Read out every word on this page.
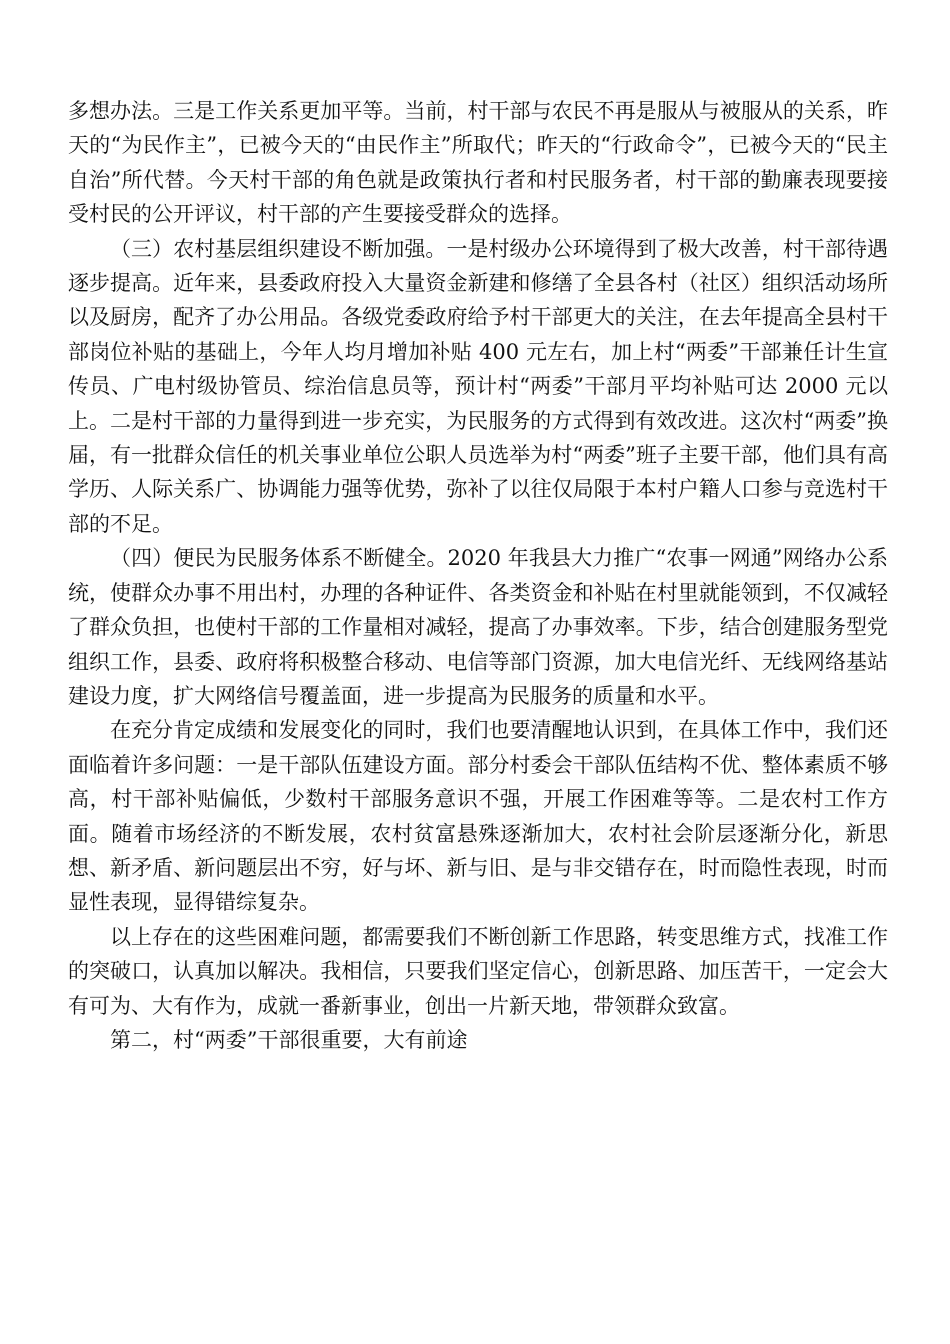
多想办法。三是工作关系更加平等。当前，村干部与农民不再是服从与被服从的关系，昨天的“为民作主”，已被今天的“由民作主”所取代；昨天的“行政命令”，已被今天的“民主自治”所代替。今天村干部的角色就是政策执行者和村民服务者，村干部的勤廉表现要接受村民的公开评议，村干部的产生要接受群众的选择。

（三）农村基层组织建设不断加强。一是村级办公环境得到了极大改善，村干部待遇逐步提高。近年来，县委政府投入大量资金新建和修缮了全县各村（社区）组织活动场所以及厨房，配齐了办公用品。各级党委政府给予村干部更大的关注，在去年提高全县村干部岗位补贴的基础上，今年人均月增加补贴 400 元左右，加上村“两委”干部兼任计生宣传员、广电村级协管员、综治信息员等，预计村“两委”干部月平均补贴可达 2000 元以上。二是村干部的力量得到进一步充实，为民服务的方式得到有效改进。这次村“两委”换届，有一批群众信任的机关事业单位公职人员选举为村“两委”班子主要干部，他们具有高学历、人际关系广、协调能力强等优势，弥补了以往仅局限于本村户籍人口参与竞选村干部的不足。

（四）便民为民服务体系不断健全。2020 年我县大力推广“农事一网通”网络办公系统，使群众办事不用出村，办理的各种证件、各类资金和补贴在村里就能领到，不仅减轻了群众负担，也使村干部的工作量相对减轻，提高了办事效率。下步，结合创建服务型党组织工作，县委、政府将积极整合移动、电信等部门资源，加大电信光纤、无线网络基站建设力度，扩大网络信号覆盖面，进一步提高为民服务的质量和水平。

在充分肯定成绩和发展变化的同时，我们也要清醒地认识到，在具体工作中，我们还面临着许多问题：一是干部队伍建设方面。部分村委会干部队伍结构不优、整体素质不够高，村干部补贴偏低，少数村干部服务意识不强，开展工作困难等等。二是农村工作方面。随着市场经济的不断发展，农村贫富悬殊逐渐加大，农村社会阶层逐渐分化，新思想、新矛盾、新问题层出不穷，好与坏、新与旧、是与非交错存在，时而隐性表现，时而显性表现，显得错综复杂。

以上存在的这些困难问题，都需要我们不断创新工作思路，转变思维方式，找准工作的突破口，认真加以解决。我相信，只要我们坚定信心，创新思路、加压苦干，一定会大有可为、大有作为，成就一番新事业，创出一片新天地，带领群众致富。

第二，村“两委”干部很重要，大有前途
